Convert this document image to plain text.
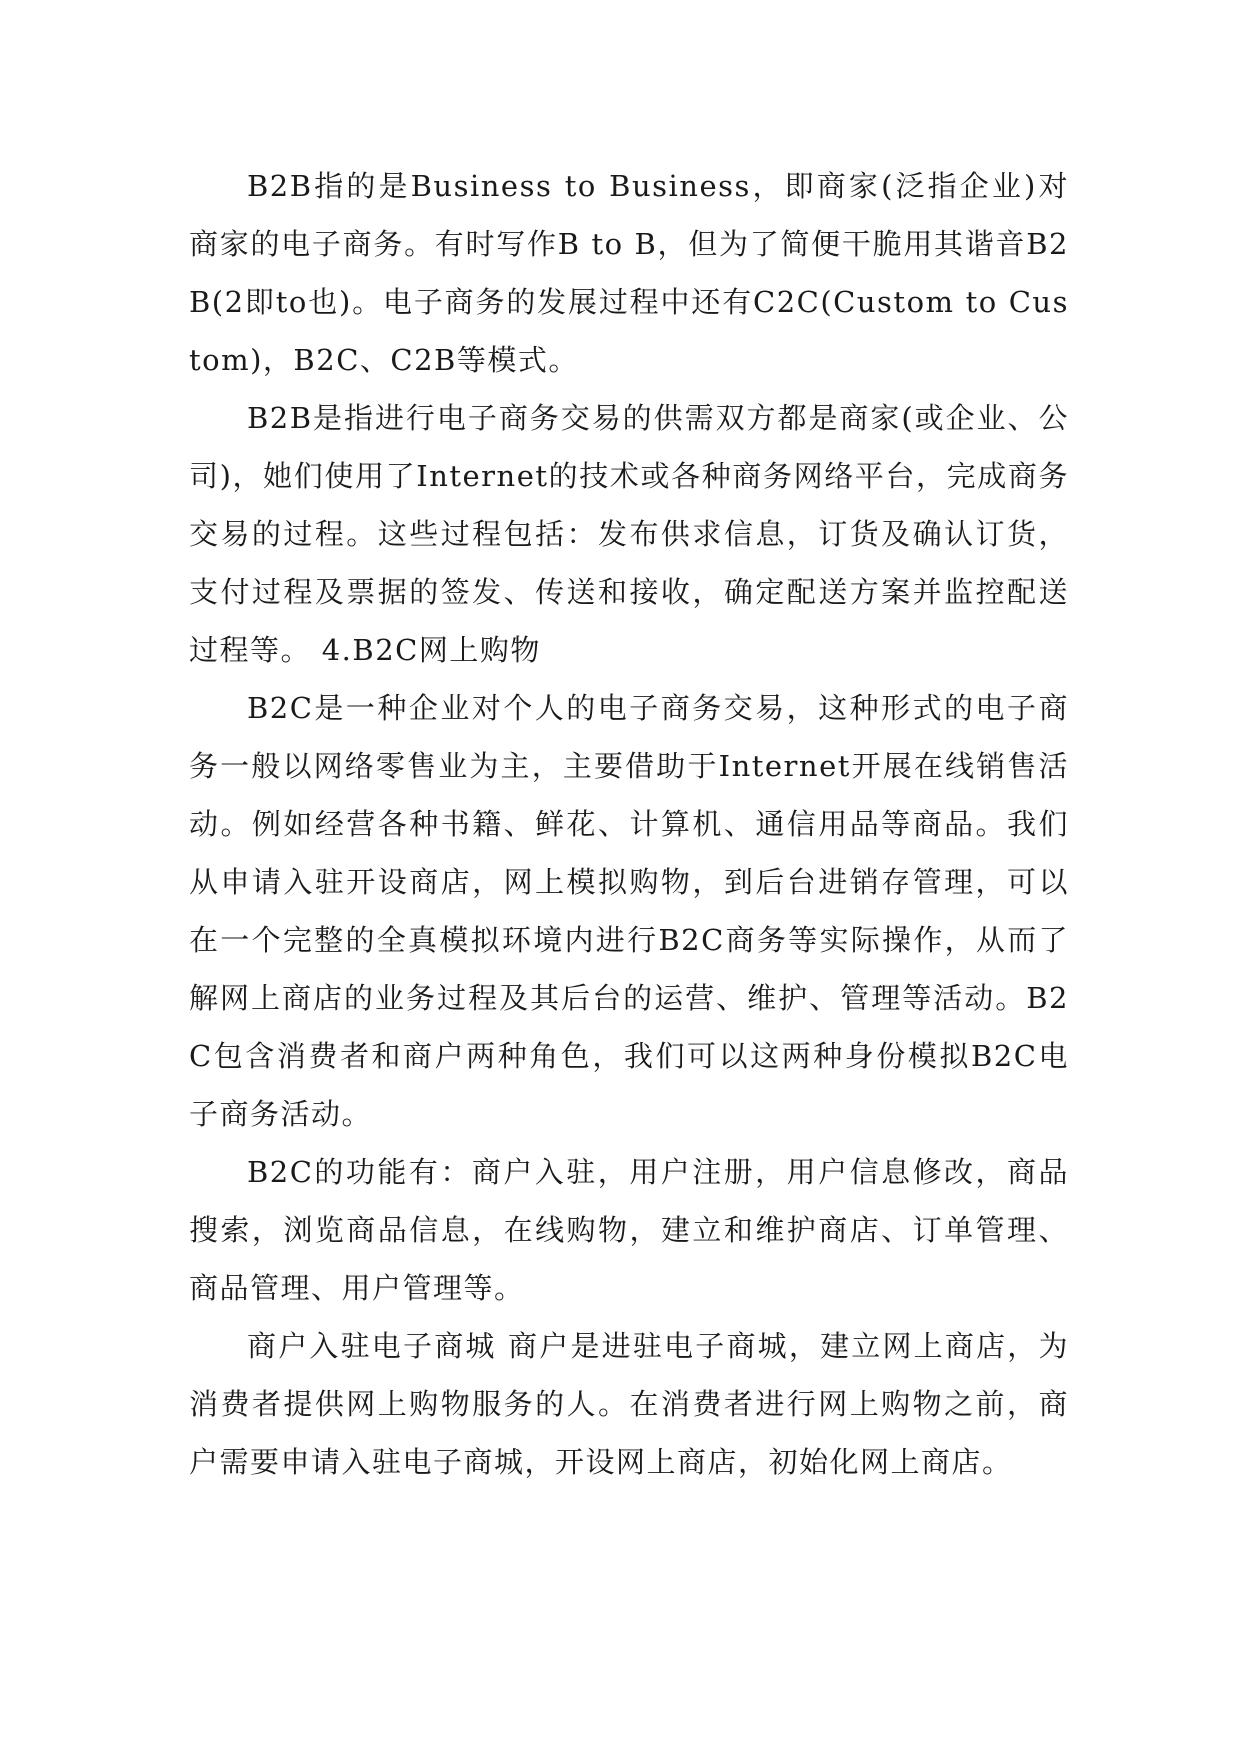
B2B指的是Business to Business，即商家(泛指企业)对商家的电子商务。有时写作B to B，但为了简便干脆用其谐音B2B(2即to也)。电子商务的发展过程中还有C2C(Custom to Custom)，B2C、C2B等模式。

B2B是指进行电子商务交易的供需双方都是商家(或企业、公司)，她们使用了Internet的技术或各种商务网络平台，完成商务交易的过程。这些过程包括：发布供求信息，订货及确认订货，支付过程及票据的签发、传送和接收，确定配送方案并监控配送过程等。 4.B2C网上购物

B2C是一种企业对个人的电子商务交易，这种形式的电子商务一般以网络零售业为主，主要借助于Internet开展在线销售活动。例如经营各种书籍、鲜花、计算机、通信用品等商品。我们从申请入驻开设商店，网上模拟购物，到后台进销存管理，可以在一个完整的全真模拟环境内进行B2C商务等实际操作，从而了解网上商店的业务过程及其后台的运营、维护、管理等活动。B2C包含消费者和商户两种角色，我们可以这两种身份模拟B2C电子商务活动。

B2C的功能有：商户入驻，用户注册，用户信息修改，商品搜索，浏览商品信息，在线购物，建立和维护商店、订单管理、商品管理、用户管理等。

商户入驻电子商城 商户是进驻电子商城，建立网上商店，为消费者提供网上购物服务的人。在消费者进行网上购物之前，商户需要申请入驻电子商城，开设网上商店，初始化网上商店。
